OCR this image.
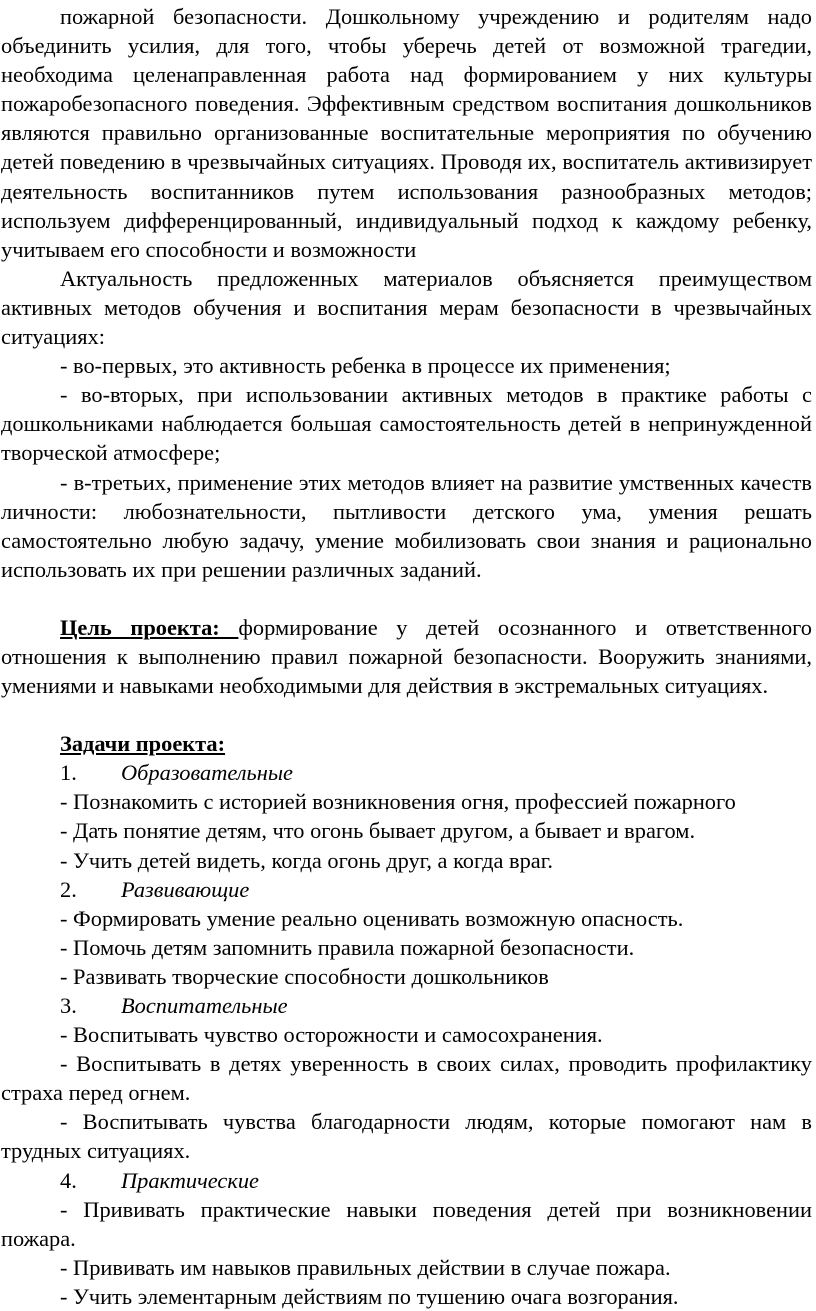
пожарной безопасности. Дошкольному учреждению и родителям надо объединить усилия, для того, чтобы уберечь детей от возможной трагедии, необходима целенаправленная работа над формированием у них культуры пожаробезопасного поведения. Эффективным средством воспитания дошкольников являются правильно организованные воспитательные мероприятия по обучению детей поведению в чрезвычайных ситуациях. Проводя их, воспитатель активизирует деятельность воспитанников путем использования разнообразных методов; используем дифференцированный, индивидуальный подход к каждому ребенку, учитываем его способности и возможности

Актуальность предложенных материалов объясняется преимуществом активных методов обучения и воспитания мерам безопасности в чрезвычайных ситуациях:

- во-первых, это активность ребенка в процессе их применения;

- во-вторых, при использовании активных методов в практике работы с дошкольниками наблюдается большая самостоятельность детей в непринужденной творческой атмосфере;

- в-третьих, применение этих методов влияет на развитие умственных качеств личности: любознательности, пытливости детского ума, умения решать самостоятельно любую задачу, умение мобилизовать свои знания и рационально использовать их при решении различных заданий.

Цель проекта: формирование у детей осознанного и ответственного отношения к выполнению правил пожарной безопасности. Вооружить знаниями, умениями и навыками необходимыми для действия в экстремальных ситуациях.

Задачи проекта:

1. Образовательные

- Познакомить с историей возникновения огня, профессией пожарного

- Дать понятие детям, что огонь бывает другом, а бывает и врагом.

- Учить детей видеть, когда огонь друг, а когда враг.

2. Развивающие

- Формировать умение реально оценивать возможную опасность.

- Помочь детям запомнить правила пожарной безопасности.

- Развивать творческие способности дошкольников

3. Воспитательные

- Воспитывать чувство осторожности и самосохранения.

- Воспитывать в детях уверенность в своих силах, проводить профилактику страха перед огнем.

- Воспитывать чувства благодарности людям, которые помогают нам в трудных ситуациях.

4. Практические

- Прививать практические навыки поведения детей при возникновении пожара.

- Прививать им навыков правильных действии в случае пожара.

- Учить элементарным действиям по тушению очага возгорания.
